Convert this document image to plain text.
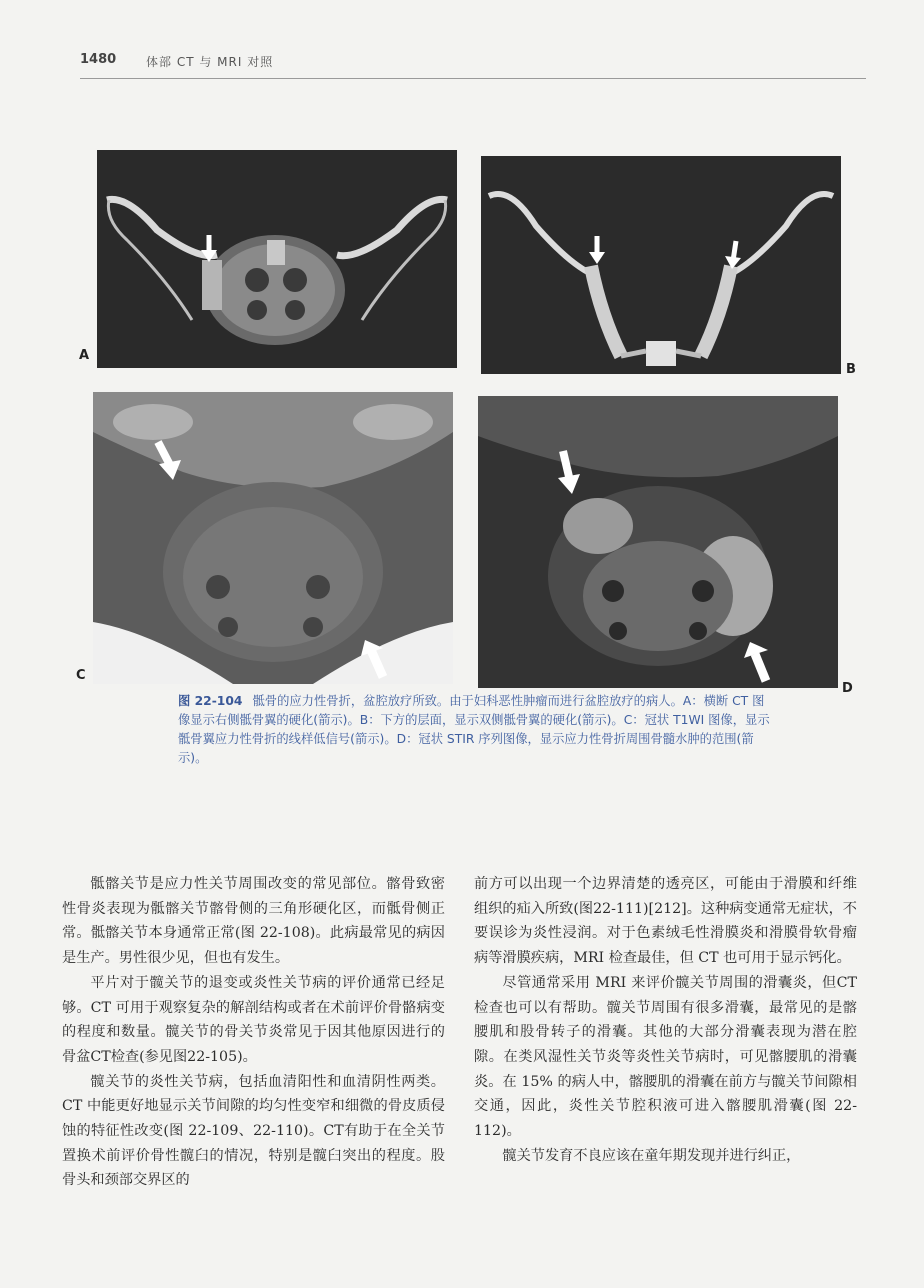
1480 体部 CT 与 MRI 对照
A
B
C
D
图 22-104 骶骨的应力性骨折，盆腔放疗所致。由于妇科恶性肿瘤而进行盆腔放疗的病人。A：横断 CT 图像显示右侧骶骨翼的硬化(箭示)。B：下方的层面，显示双侧骶骨翼的硬化(箭示)。C：冠状 T1WI 图像，显示骶骨翼应力性骨折的线样低信号(箭示)。D：冠状 STIR 序列图像，显示应力性骨折周围骨髓水肿的范围(箭示)。

骶髂关节是应力性关节周围改变的常见部位。髂骨致密性骨炎表现为骶髂关节髂骨侧的三角形硬化区，而骶骨侧正常。骶髂关节本身通常正常(图 22-108)。此病最常见的病因是生产。男性很少见，但也有发生。

平片对于髋关节的退变或炎性关节病的评价通常已经足够。CT 可用于观察复杂的解剖结构或者在术前评价骨骼病变的程度和数量。髋关节的骨关节炎常见于因其他原因进行的骨盆CT检查(参见图22-105)。

髋关节的炎性关节病，包括血清阳性和血清阴性两类。CT 中能更好地显示关节间隙的均匀性变窄和细微的骨皮质侵蚀的特征性改变(图 22-109、22-110)。CT有助于在全关节置换术前评价骨性髋臼的情况，特别是髋臼突出的程度。股骨头和颈部交界区的

前方可以出现一个边界清楚的透亮区，可能由于滑膜和纤维组织的疝入所致(图22-111)[212]。这种病变通常无症状，不要误诊为炎性浸润。对于色素绒毛性滑膜炎和滑膜骨软骨瘤病等滑膜疾病，MRI 检查最佳，但 CT 也可用于显示钙化。

尽管通常采用 MRI 来评价髋关节周围的滑囊炎，但CT检查也可以有帮助。髋关节周围有很多滑囊，最常见的是髂腰肌和股骨转子的滑囊。其他的大部分滑囊表现为潜在腔隙。在类风湿性关节炎等炎性关节病时，可见髂腰肌的滑囊炎。在 15% 的病人中，髂腰肌的滑囊在前方与髋关节间隙相交通，因此，炎性关节腔积液可进入髂腰肌滑囊(图 22-112)。

髋关节发育不良应该在童年期发现并进行纠正，
